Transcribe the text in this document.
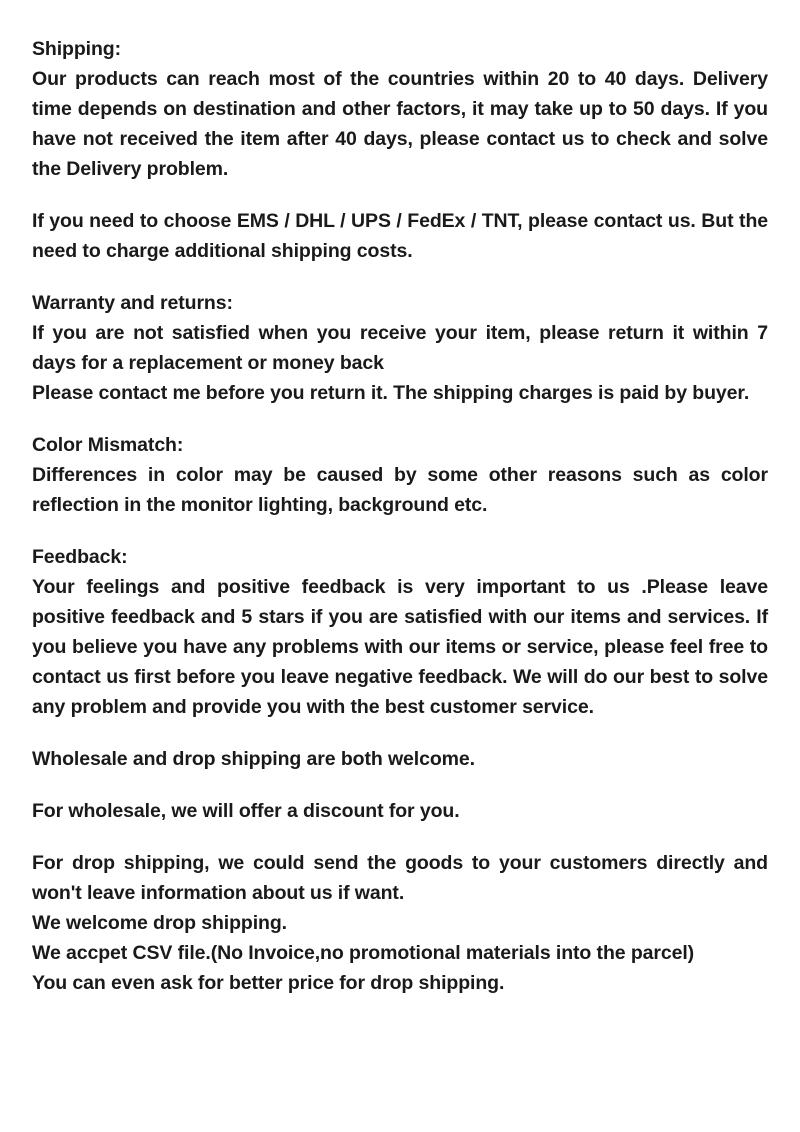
Shipping:

Our products can reach most of the countries within 20 to 40 days. Delivery time depends on destination and other factors, it may take up to 50 days. If you have not received the item after 40 days, please contact us to check and solve the Delivery problem.

If you need to choose EMS / DHL / UPS / FedEx / TNT, please contact us. But the need to charge additional shipping costs.

Warranty and returns:

If you are not satisfied when you receive your item, please return it within 7 days for a replacement or money back

Please contact me before you return it. The shipping charges is paid by buyer.

Color Mismatch:

Differences in color may be caused by some other reasons such as color reflection in the monitor lighting, background etc.

Feedback:

Your feelings and positive feedback is very important to us .Please leave positive feedback and 5 stars if you are satisfied with our items and services. If you believe you have any problems with our items or service, please feel free to contact us first before you leave negative feedback. We will do our best to solve any problem and provide you with the best customer service.

Wholesale and drop shipping are both welcome.

For wholesale, we will offer a discount for you.

For drop shipping, we could send the goods to your customers directly and won't leave information about us if want.

We welcome drop shipping.

We accpet CSV file.(No Invoice,no promotional materials into the parcel)

You can even ask for better price for drop shipping.
